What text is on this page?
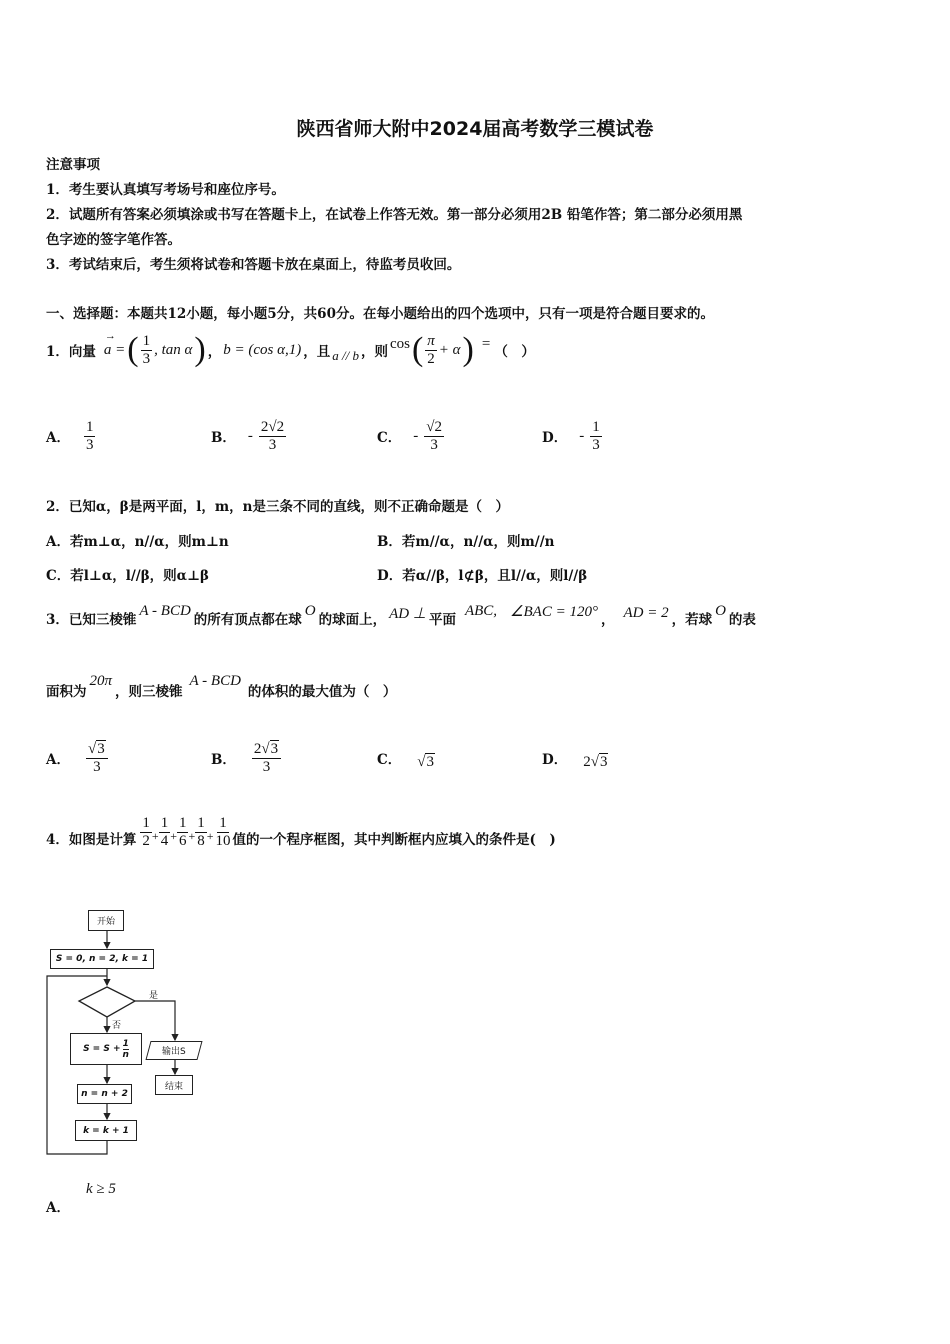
陕西省师大附中2024届高考数学三模试卷
注意事项
1．考生要认真填写考场号和座位序号。
2．试题所有答案必须填涂或书写在答题卡上，在试卷上作答无效。第一部分必须用2B 铅笔作答；第二部分必须用黑
色字迹的签字笔作答。
3．考试结束后，考生须将试卷和答题卡放在桌面上，待监考员收回。
一、选择题：本题共12小题，每小题5分，共60分。在每小题给出的四个选项中，只有一项是符合题目要求的。
1．向量
→
a = ( $\frac{1}{3}$ , tan α ) ， b = (cos α,1) ，且 a // b ，则
cos ( $\frac{\pi}{2} + \alpha$ ) =
（　）
A． $\frac{1}{3}$	B． - $\frac{2√2}{3}$	C． - $\frac{√2}{3}$	D． - $\frac{1}{3}$
2．已知α，β是两平面，l，m，n是三条不同的直线，则不正确命题是（　）
A．若m⊥α，n//α，则m⊥n	B．若m//α，n//α，则m//n
C．若l⊥α，l//β，则α⊥β	D．若α//β，l⊄β，且l//α，则l//β
3．已知三棱锥
A - BCD
的所有顶点都在球
O
的球面上， AD ⊥ 平面
ABC, ∠BAC = 120°
， AD = 2 ，若球
O
的表
面积为
20π
，则三棱锥
A - BCD
的体积的最大值为（　）
A． $\frac{√3}{3}$	B． $\frac{2√3}{3}$	C． √3	D． 2√3
4．如图是计算 $\frac{1}{2} + \frac{1}{4} + \frac{1}{6} + \frac{1}{8} + \frac{1}{10}$ 值的一个程序框图，其中判断框内应填入的条件是(　)
开始
S = 0, n = 2, k = 1
是
否
$S = S + \frac{1}{n}$	输出S
结束
n = n + 2
k = k + 1
A．
k ≥ 5
